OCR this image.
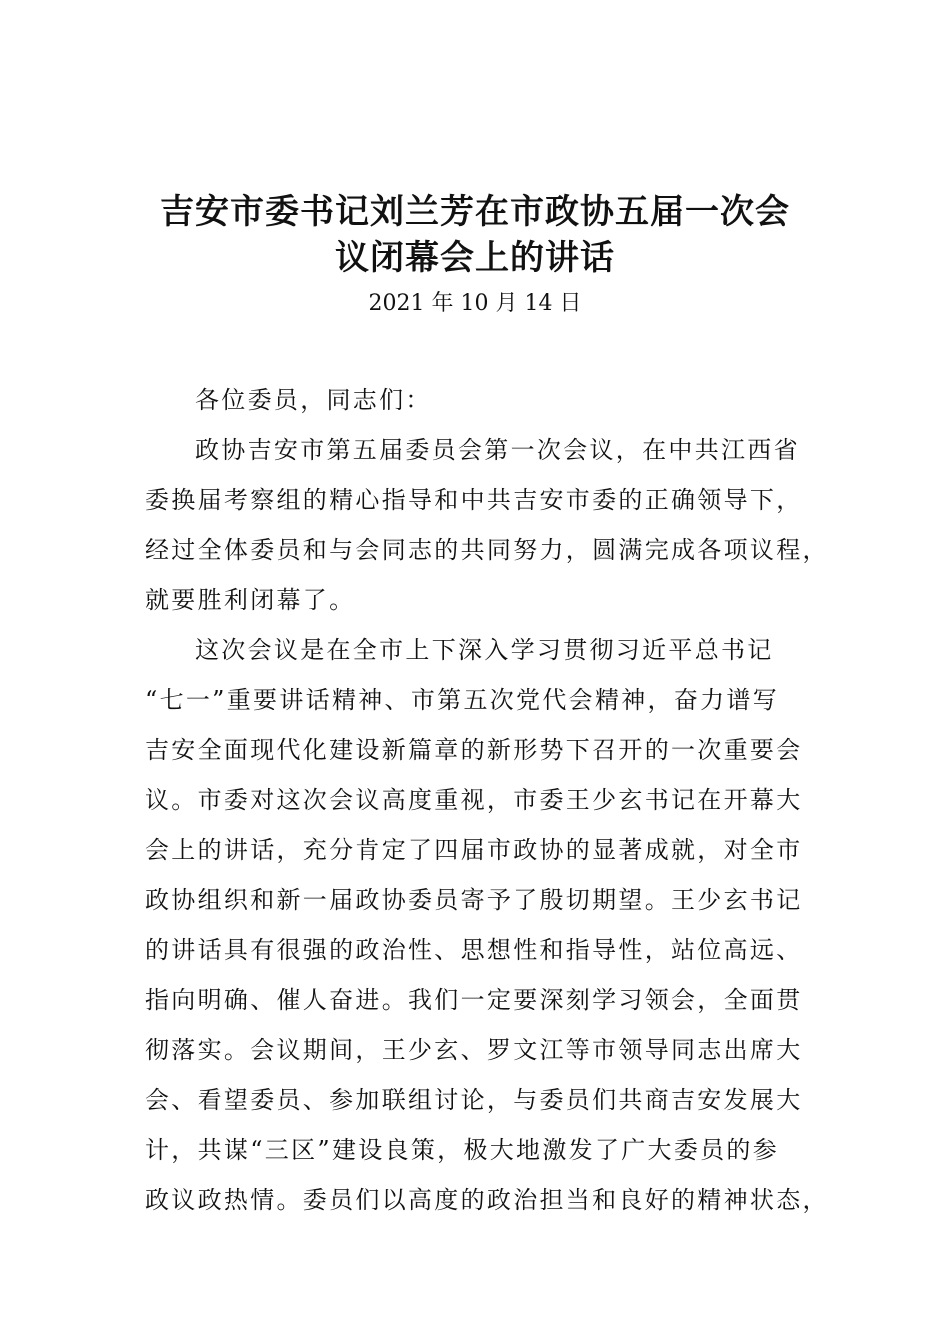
吉安市委书记刘兰芳在市政协五届一次会
议闭幕会上的讲话
2021 年 10 月 14 日
各位委员，同志们：
政协吉安市第五届委员会第一次会议，在中共江西省
委换届考察组的精心指导和中共吉安市委的正确领导下，
经过全体委员和与会同志的共同努力，圆满完成各项议程，
就要胜利闭幕了。
这次会议是在全市上下深入学习贯彻习近平总书记
“七一”重要讲话精神、市第五次党代会精神，奋力谱写
吉安全面现代化建设新篇章的新形势下召开的一次重要会
议。市委对这次会议高度重视，市委王少玄书记在开幕大
会上的讲话，充分肯定了四届市政协的显著成就，对全市
政协组织和新一届政协委员寄予了殷切期望。王少玄书记
的讲话具有很强的政治性、思想性和指导性，站位高远、
指向明确、催人奋进。我们一定要深刻学习领会，全面贯
彻落实。会议期间，王少玄、罗文江等市领导同志出席大
会、看望委员、参加联组讨论，与委员们共商吉安发展大
计，共谋“三区”建设良策，极大地激发了广大委员的参
政议政热情。委员们以高度的政治担当和良好的精神状态，
